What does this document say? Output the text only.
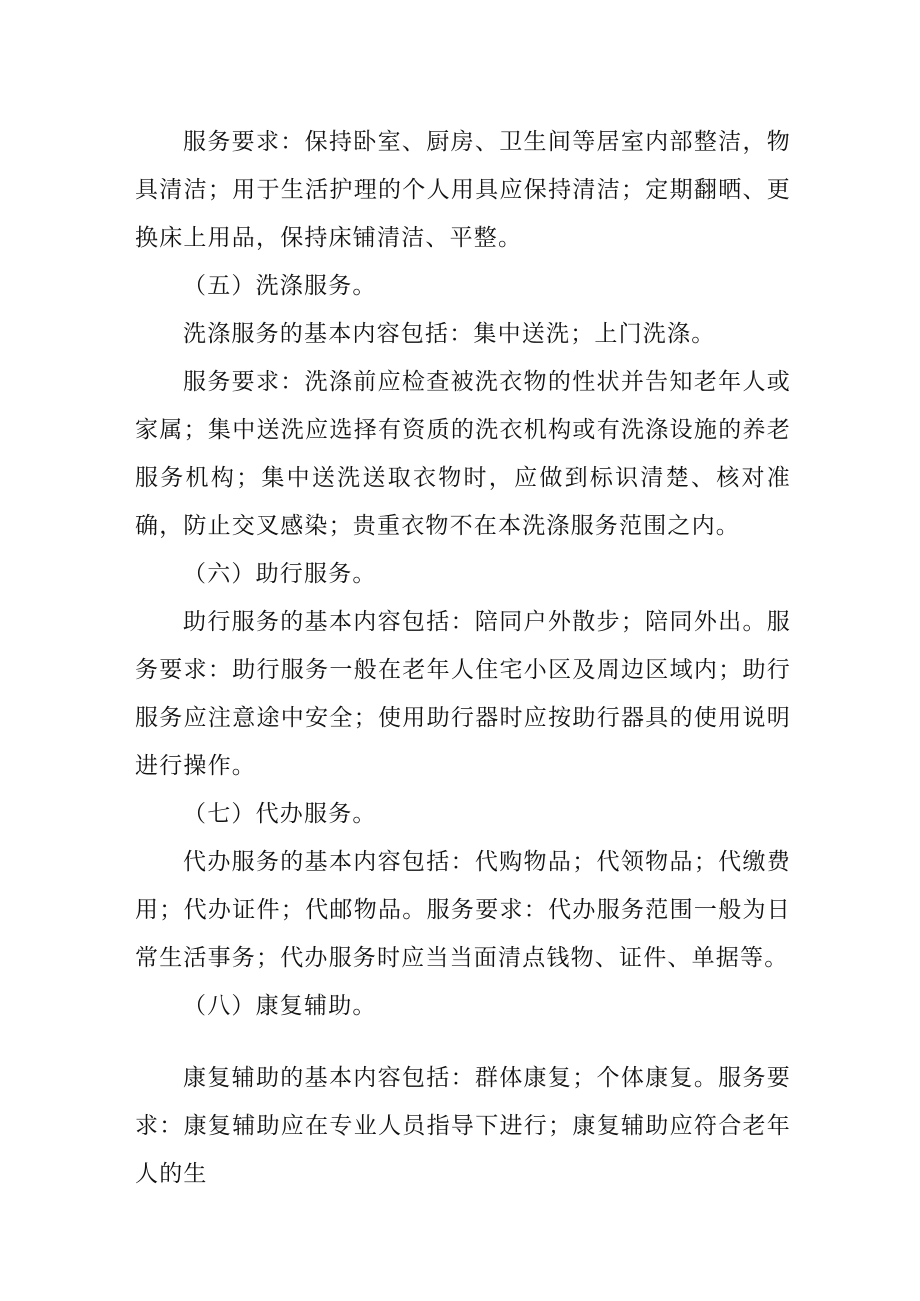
服务要求：保持卧室、厨房、卫生间等居室内部整洁，物具清洁；用于生活护理的个人用具应保持清洁；定期翻晒、更换床上用品，保持床铺清洁、平整。

（五）洗涤服务。

洗涤服务的基本内容包括：集中送洗；上门洗涤。

服务要求：洗涤前应检查被洗衣物的性状并告知老年人或家属；集中送洗应选择有资质的洗衣机构或有洗涤设施的养老服务机构；集中送洗送取衣物时，应做到标识清楚、核对准确，防止交叉感染；贵重衣物不在本洗涤服务范围之内。

（六）助行服务。

助行服务的基本内容包括：陪同户外散步；陪同外出。服务要求：助行服务一般在老年人住宅小区及周边区域内；助行服务应注意途中安全；使用助行器时应按助行器具的使用说明进行操作。

（七）代办服务。

代办服务的基本内容包括：代购物品；代领物品；代缴费用；代办证件；代邮物品。服务要求：代办服务范围一般为日常生活事务；代办服务时应当当面清点钱物、证件、单据等。

（八）康复辅助。

康复辅助的基本内容包括：群体康复；个体康复。服务要求：康复辅助应在专业人员指导下进行；康复辅助应符合老年人的生
